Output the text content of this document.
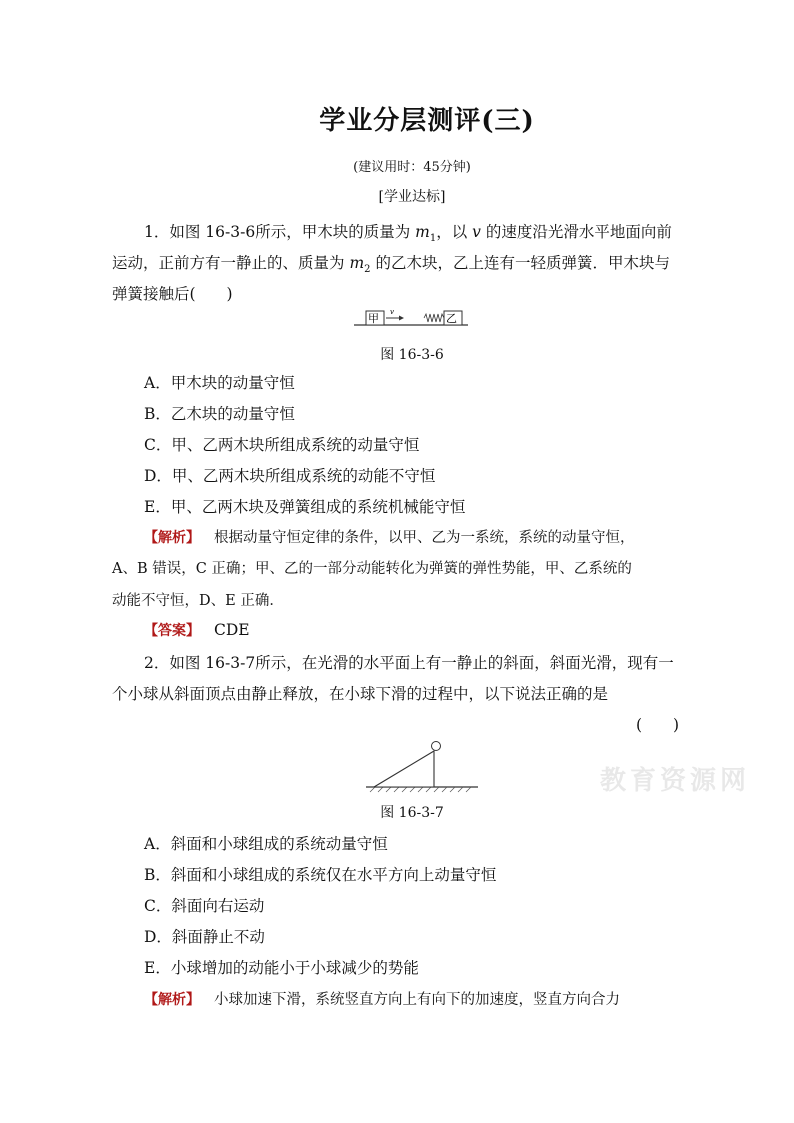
学业分层测评(三)
(建议用时：45分钟)
[学业达标]
1．如图 16-3-6所示，甲木块的质量为 $m_1$，以 v 的速度沿光滑水平地面向前
运动，正前方有一静止的、质量为 $m_2$ 的乙木块，乙上连有一轻质弹簧．甲木块与
弹簧接触后(　　)
甲 v	乙
图 16-3-6
A．甲木块的动量守恒
B．乙木块的动量守恒
C．甲、乙两木块所组成系统的动量守恒
D．甲、乙两木块所组成系统的动能不守恒
E．甲、乙两木块及弹簧组成的系统机械能守恒
【解析】 根据动量守恒定律的条件，以甲、乙为一系统，系统的动量守恒，
A、B 错误，C 正确；甲、乙的一部分动能转化为弹簧的弹性势能，甲、乙系统的
动能不守恒，D、E 正确．
【答案】 CDE
2．如图 16-3-7所示，在光滑的水平面上有一静止的斜面，斜面光滑，现有一
个小球从斜面顶点由静止释放，在小球下滑的过程中，以下说法正确的是
(　　)
图 16-3-7
教育资源网
A．斜面和小球组成的系统动量守恒
B．斜面和小球组成的系统仅在水平方向上动量守恒
C．斜面向右运动
D．斜面静止不动
E．小球增加的动能小于小球减少的势能
【解析】 小球加速下滑，系统竖直方向上有向下的加速度，竖直方向合力
